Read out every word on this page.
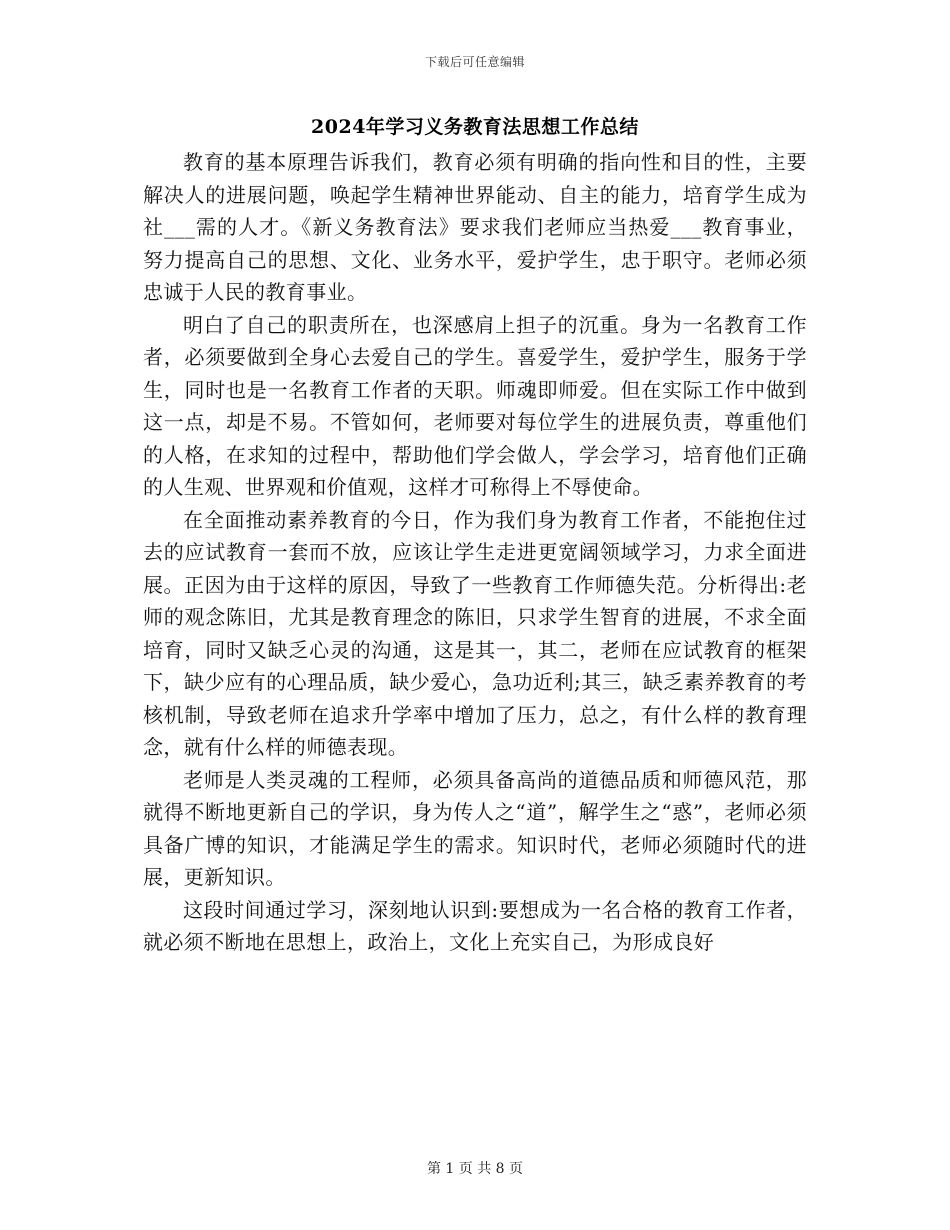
下载后可任意编辑
2024年学习义务教育法思想工作总结

教育的基本原理告诉我们，教育必须有明确的指向性和目的性，主要解决人的进展问题，唤起学生精神世界能动、自主的能力，培育学生成为社___需的人才。《新义务教育法》要求我们老师应当热爱___教育事业，努力提高自己的思想、文化、业务水平，爱护学生，忠于职守。老师必须忠诚于人民的教育事业。

明白了自己的职责所在，也深感肩上担子的沉重。身为一名教育工作者，必须要做到全身心去爱自己的学生。喜爱学生，爱护学生，服务于学生，同时也是一名教育工作者的天职。师魂即师爱。但在实际工作中做到这一点，却是不易。不管如何，老师要对每位学生的进展负责，尊重他们的人格，在求知的过程中，帮助他们学会做人，学会学习，培育他们正确的人生观、世界观和价值观，这样才可称得上不辱使命。

在全面推动素养教育的今日，作为我们身为教育工作者，不能抱住过去的应试教育一套而不放，应该让学生走进更宽阔领域学习，力求全面进展。正因为由于这样的原因，导致了一些教育工作师德失范。分析得出:老师的观念陈旧，尤其是教育理念的陈旧，只求学生智育的进展，不求全面培育，同时又缺乏心灵的沟通，这是其一，其二，老师在应试教育的框架下，缺少应有的心理品质，缺少爱心，急功近利;其三，缺乏素养教育的考核机制，导致老师在追求升学率中增加了压力，总之，有什么样的教育理念，就有什么样的师德表现。

老师是人类灵魂的工程师，必须具备高尚的道德品质和师德风范，那就得不断地更新自己的学识，身为传人之“道”，解学生之“惑”，老师必须具备广博的知识，才能满足学生的需求。知识时代，老师必须随时代的进展，更新知识。

这段时间通过学习，深刻地认识到:要想成为一名合格的教育工作者，就必须不断地在思想上，政治上，文化上充实自己，为形成良好

第 1 页 共 8 页
